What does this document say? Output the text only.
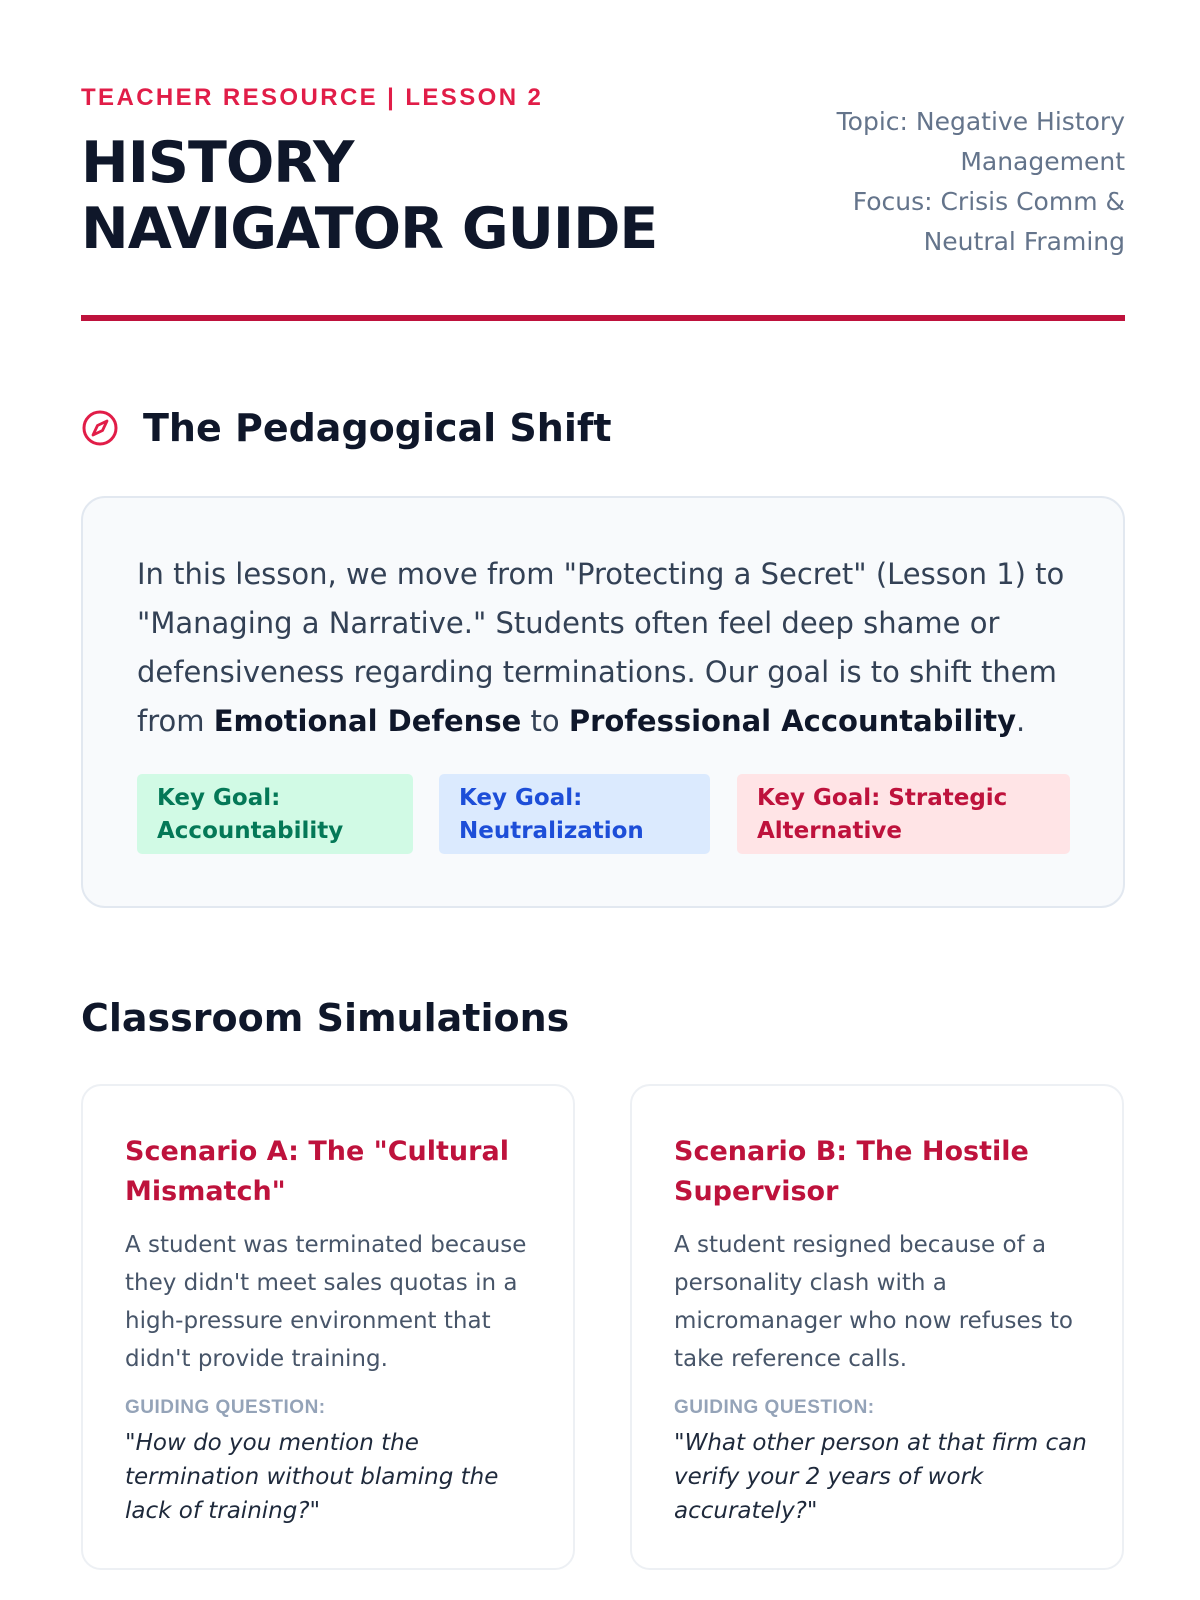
TEACHER RESOURCE | LESSON 2
HISTORY
NAVIGATOR GUIDE
Topic: Negative History
Management
Focus: Crisis Comm &
Neutral Framing
The Pedagogical Shift

In this lesson, we move from "Protecting a Secret" (Lesson 1) to "Managing a Narrative." Students often feel deep shame or defensiveness regarding terminations. Our goal is to shift them from Emotional Defense to Professional Accountability.

Key Goal: Accountability
Key Goal: Neutralization
Key Goal: Strategic Alternative
Classroom Simulations
Scenario A: The "Cultural Mismatch"

A student was terminated because they didn't meet sales quotas in a high-pressure environment that didn't provide training.

GUIDING QUESTION:

"How do you mention the termination without blaming the lack of training?"

Scenario B: The Hostile Supervisor

A student resigned because of a personality clash with a micromanager who now refuses to take reference calls.

GUIDING QUESTION:

"What other person at that firm can verify your 2 years of work accurately?"
